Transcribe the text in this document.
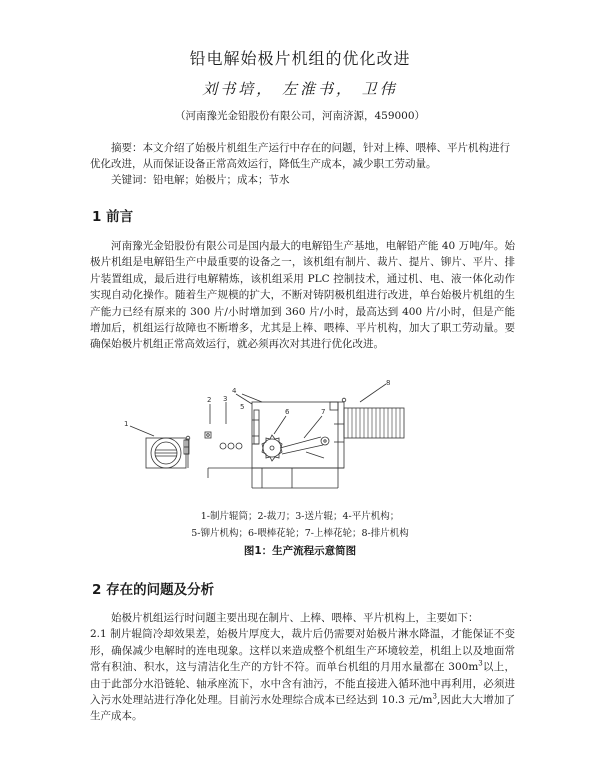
铅电解始极片机组的优化改进
刘书培， 左淮书， 卫伟
（河南豫光金铅股份有限公司，河南济源，459000）

摘要：本文介绍了始极片机组生产运行中存在的问题，针对上棒、喂棒、平片机构进行优化改进，从而保证设备正常高效运行，降低生产成本，减少职工劳动量。

关键词：铅电解；始极片；成本；节水

1 前言

河南豫光金铅股份有限公司是国内最大的电解铅生产基地，电解铅产能 40 万吨/年。始极片机组是电解铅生产中最重要的设备之一，该机组有制片、裁片、提片、铆片、平片、排片装置组成，最后进行电解精炼，该机组采用 PLC 控制技术，通过机、电、液一体化动作实现自动化操作。随着生产规模的扩大，不断对铸阴极机组进行改进，单台始极片机组的生产能力已经有原来的 300 片/小时增加到 360 片/小时，最高达到 400 片/小时，但是产能增加后，机组运行故障也不断增多，尤其是上棒、喂棒、平片机构，加大了职工劳动量。要确保始极片机组正常高效运行，就必须再次对其进行优化改进。

1
2 3
4
5
6	7
8
1-制片辊筒；2-裁刀；3-送片辊；4-平片机构；
5-铆片机构；6-喂棒花轮；7-上棒花轮；8-排片机构
图1：生产流程示意简图
2 存在的问题及分析

始极片机组运行时问题主要出现在制片、上棒、喂棒、平片机构上，主要如下：

2.1 制片辊筒冷却效果差，始极片厚度大，裁片后仍需要对始极片淋水降温，才能保证不变形，确保减少电解时的连电现象。这样以来造成整个机组生产环境较差，机组上以及地面常常有积油、积水，这与清洁化生产的方针不符。而单台机组的月用水量都在 $300m^3$以上，由于此部分水沿链轮、轴承座流下，水中含有油污，不能直接进入循环池中再利用，必须进入污水处理站进行净化处理。目前污水处理综合成本已经达到 10.3 元$/m^3$,因此大大增加了生产成本。
